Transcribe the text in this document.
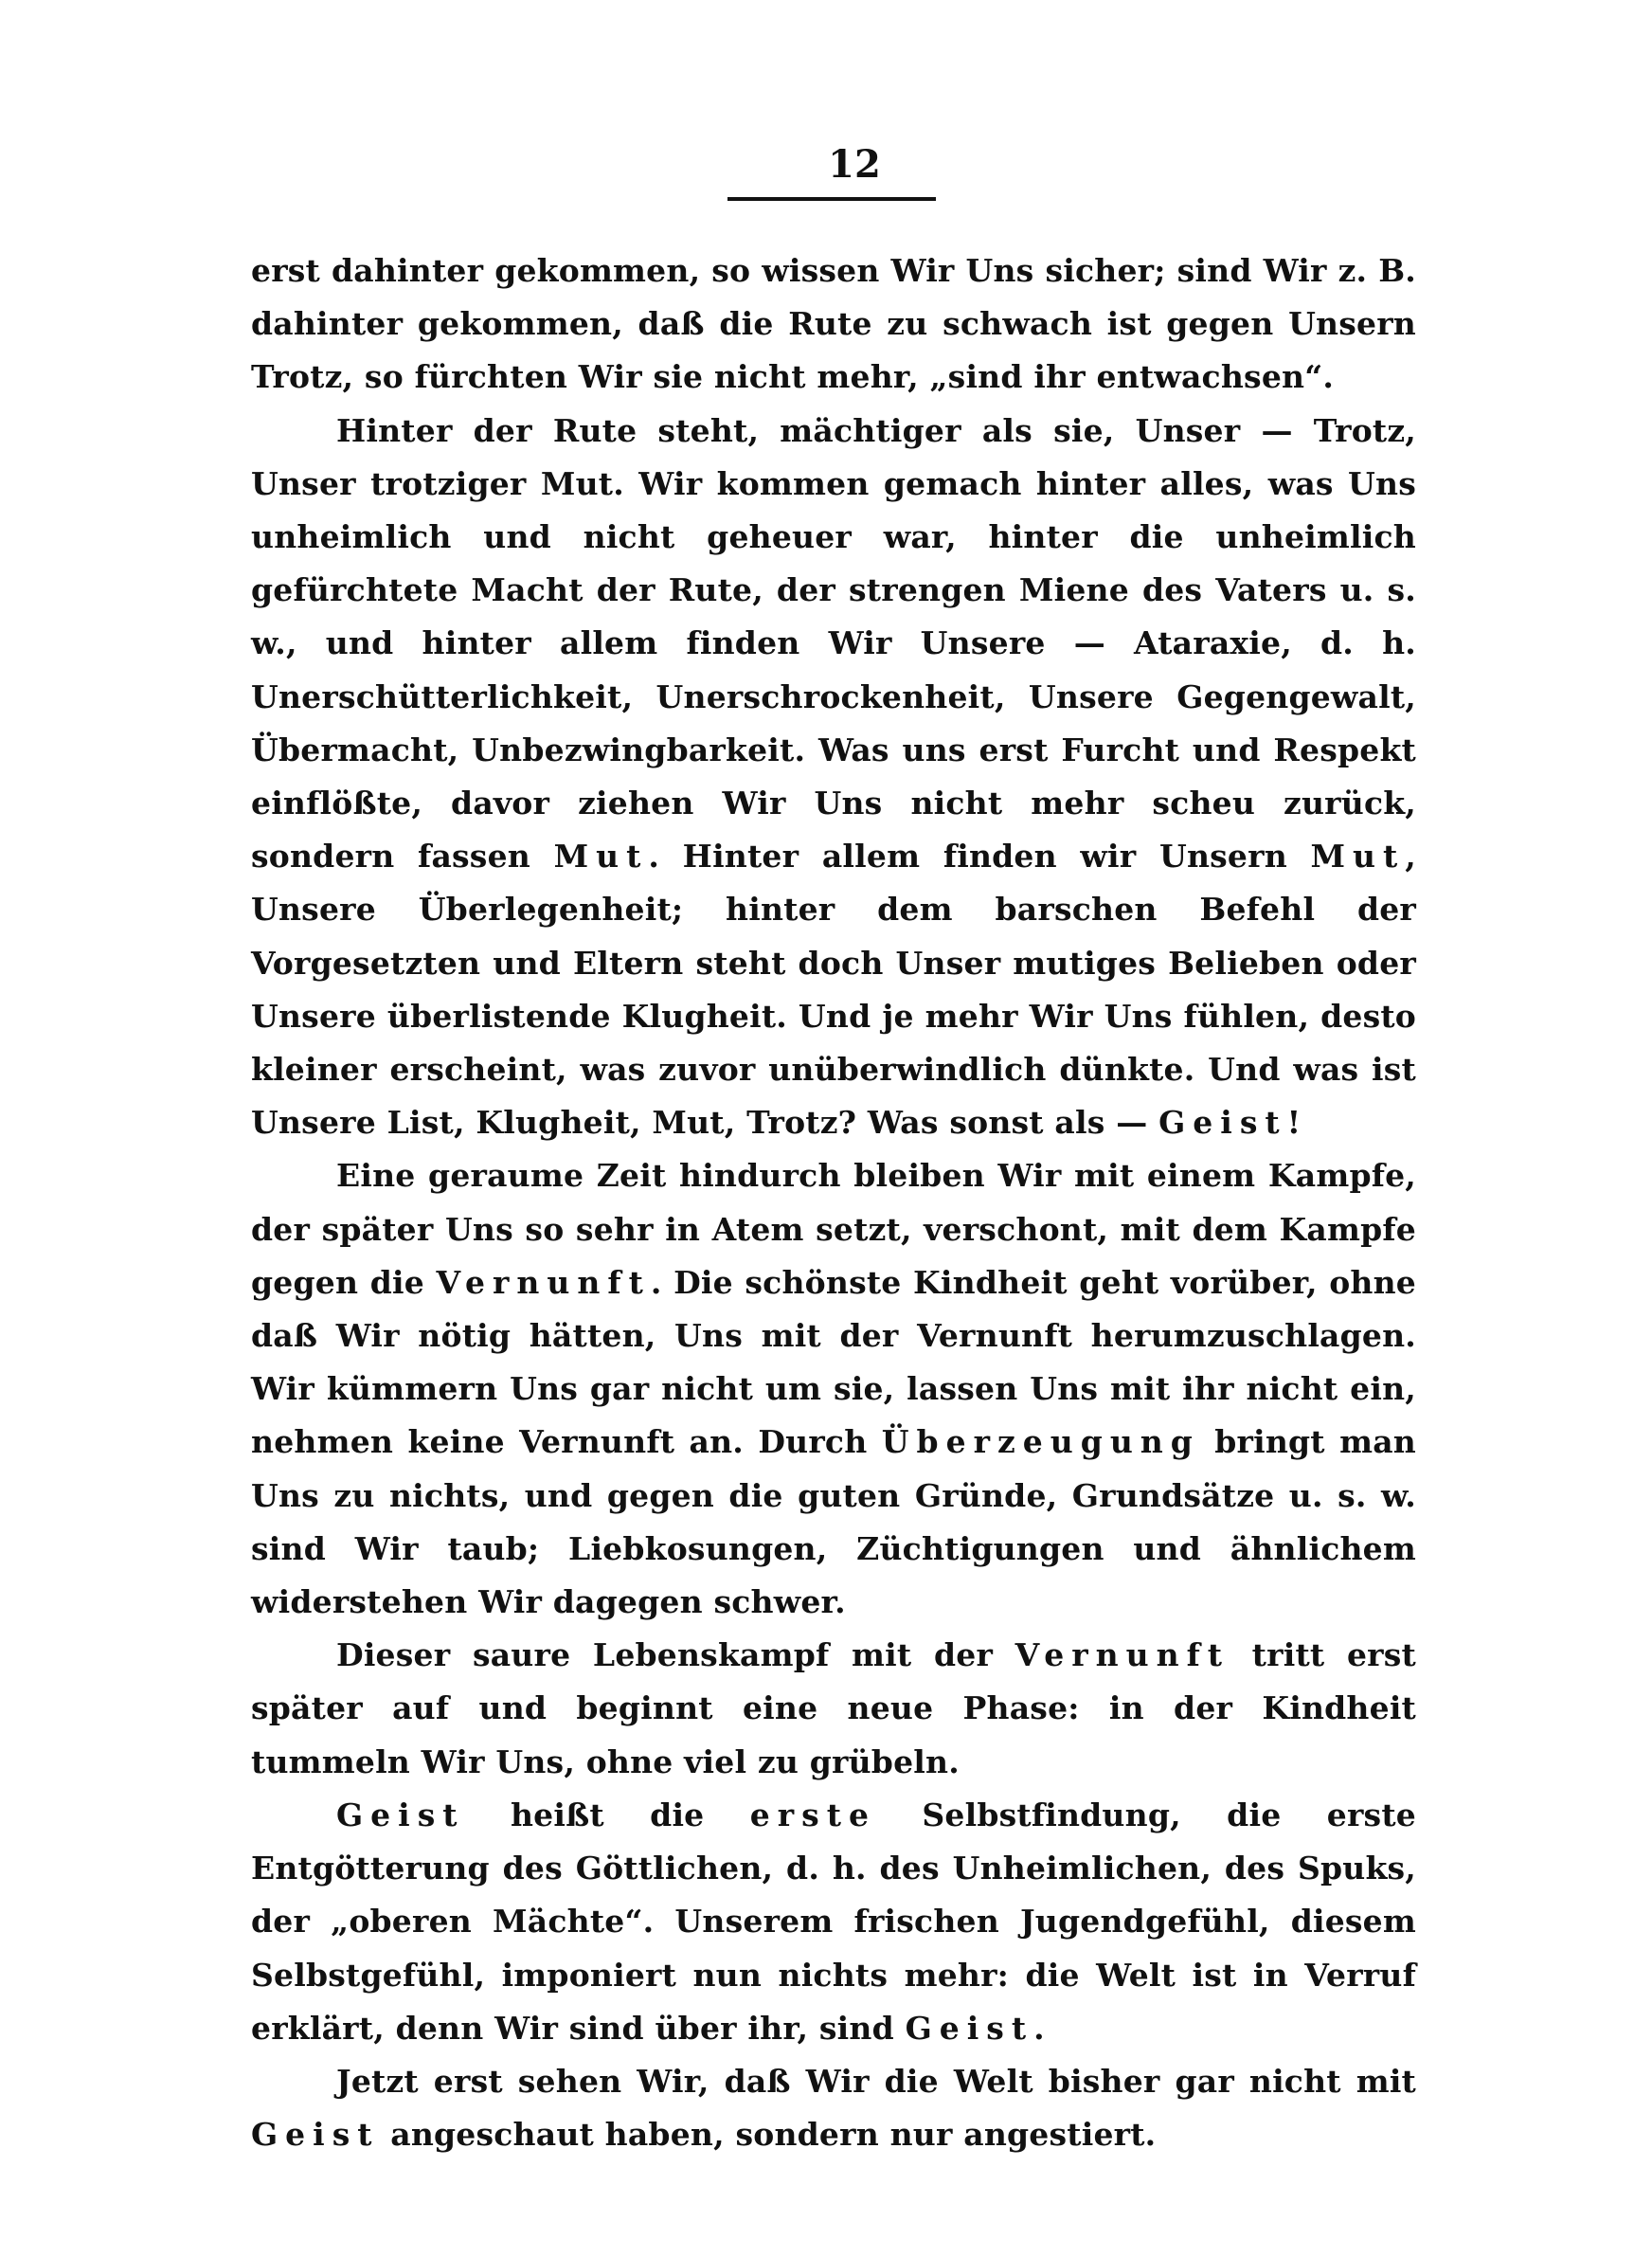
12

erst dahinter gekommen, so wissen Wir Uns sicher; sind Wir z. B. dahinter gekommen, daß die Rute zu schwach ist gegen Unsern Trotz, so fürchten Wir sie nicht mehr, „sind ihr entwachsen“.

Hinter der Rute steht, mächtiger als sie, Unser — Trotz, Unser trotziger Mut. Wir kommen gemach hinter alles, was Uns unheimlich und nicht geheuer war, hinter die unheimlich gefürchtete Macht der Rute, der strengen Miene des Vaters u. s. w., und hinter allem finden Wir Unsere — Ataraxie, d. h. Unerschütterlichkeit, Unerschrockenheit, Unsere Gegengewalt, Übermacht, Unbezwingbarkeit. Was uns erst Furcht und Respekt einflößte, davor ziehen Wir Uns nicht mehr scheu zurück, sondern fassen Mut. Hinter allem finden wir Unsern Mut, Unsere Überlegenheit; hinter dem barschen Befehl der Vorgesetzten und Eltern steht doch Unser mutiges Belieben oder Unsere überlistende Klugheit. Und je mehr Wir Uns fühlen, desto kleiner erscheint, was zuvor unüberwindlich dünkte. Und was ist Unsere List, Klugheit, Mut, Trotz? Was sonst als — Geist!

Eine geraume Zeit hindurch bleiben Wir mit einem Kampfe, der später Uns so sehr in Atem setzt, verschont, mit dem Kampfe gegen die Vernunft. Die schönste Kindheit geht vorüber, ohne daß Wir nötig hätten, Uns mit der Vernunft herumzuschlagen. Wir kümmern Uns gar nicht um sie, lassen Uns mit ihr nicht ein, nehmen keine Vernunft an. Durch Überzeugung bringt man Uns zu nichts, und gegen die guten Gründe, Grundsätze u. s. w. sind Wir taub; Liebkosungen, Züchtigungen und ähnlichem widerstehen Wir dagegen schwer.

Dieser saure Lebenskampf mit der Vernunft tritt erst später auf und beginnt eine neue Phase: in der Kindheit tummeln Wir Uns, ohne viel zu grübeln.

Geist heißt die erste Selbstfindung, die erste Entgötterung des Göttlichen, d. h. des Unheimlichen, des Spuks, der „oberen Mächte“. Unserem frischen Jugendgefühl, diesem Selbstgefühl, imponiert nun nichts mehr: die Welt ist in Verruf erklärt, denn Wir sind über ihr, sind Geist.

Jetzt erst sehen Wir, daß Wir die Welt bisher gar nicht mit Geist angeschaut haben, sondern nur angestiert.
